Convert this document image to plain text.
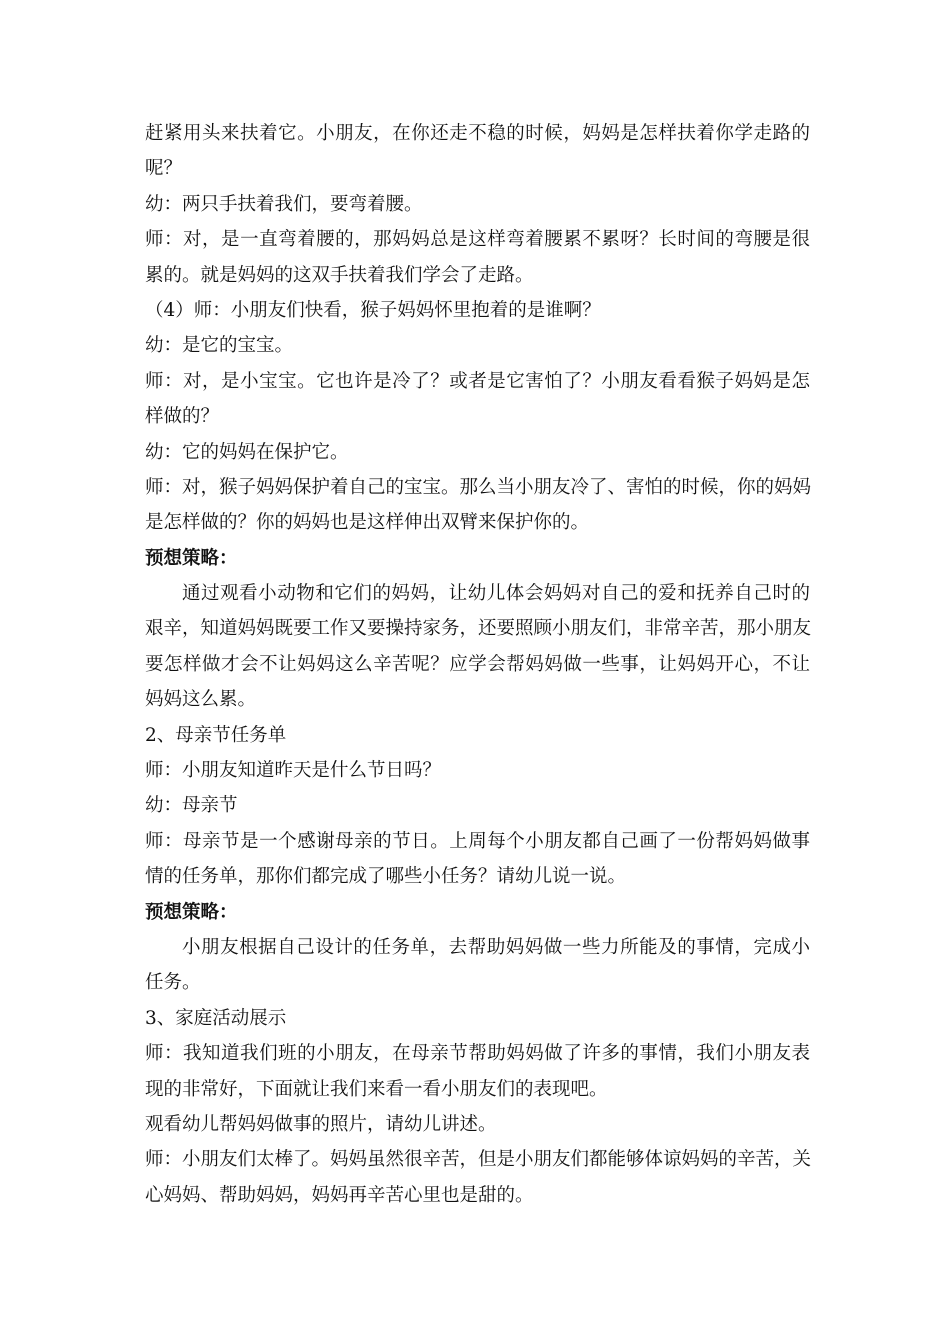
赶紧用头来扶着它。小朋友，在你还走不稳的时候，妈妈是怎样扶着你学走路的
呢？
幼：两只手扶着我们，要弯着腰。
师：对，是一直弯着腰的，那妈妈总是这样弯着腰累不累呀？长时间的弯腰是很
累的。就是妈妈的这双手扶着我们学会了走路。
（4）师：小朋友们快看，猴子妈妈怀里抱着的是谁啊？
幼：是它的宝宝。
师：对，是小宝宝。它也许是冷了？或者是它害怕了？小朋友看看猴子妈妈是怎
样做的？
幼：它的妈妈在保护它。
师：对，猴子妈妈保护着自己的宝宝。那么当小朋友冷了、害怕的时候，你的妈妈
是怎样做的？你的妈妈也是这样伸出双臂来保护你的。
预想策略：
通过观看小动物和它们的妈妈，让幼儿体会妈妈对自己的爱和抚养自己时的
艰辛，知道妈妈既要工作又要操持家务，还要照顾小朋友们，非常辛苦，那小朋友
要怎样做才会不让妈妈这么辛苦呢？应学会帮妈妈做一些事，让妈妈开心，不让
妈妈这么累。
2、母亲节任务单
师：小朋友知道昨天是什么节日吗？
幼：母亲节
师：母亲节是一个感谢母亲的节日。上周每个小朋友都自己画了一份帮妈妈做事
情的任务单，那你们都完成了哪些小任务？请幼儿说一说。
预想策略：
小朋友根据自己设计的任务单，去帮助妈妈做一些力所能及的事情，完成小
任务。
3、家庭活动展示
师：我知道我们班的小朋友，在母亲节帮助妈妈做了许多的事情，我们小朋友表
现的非常好，下面就让我们来看一看小朋友们的表现吧。
观看幼儿帮妈妈做事的照片，请幼儿讲述。
师：小朋友们太棒了。妈妈虽然很辛苦，但是小朋友们都能够体谅妈妈的辛苦，关
心妈妈、帮助妈妈，妈妈再辛苦心里也是甜的。
